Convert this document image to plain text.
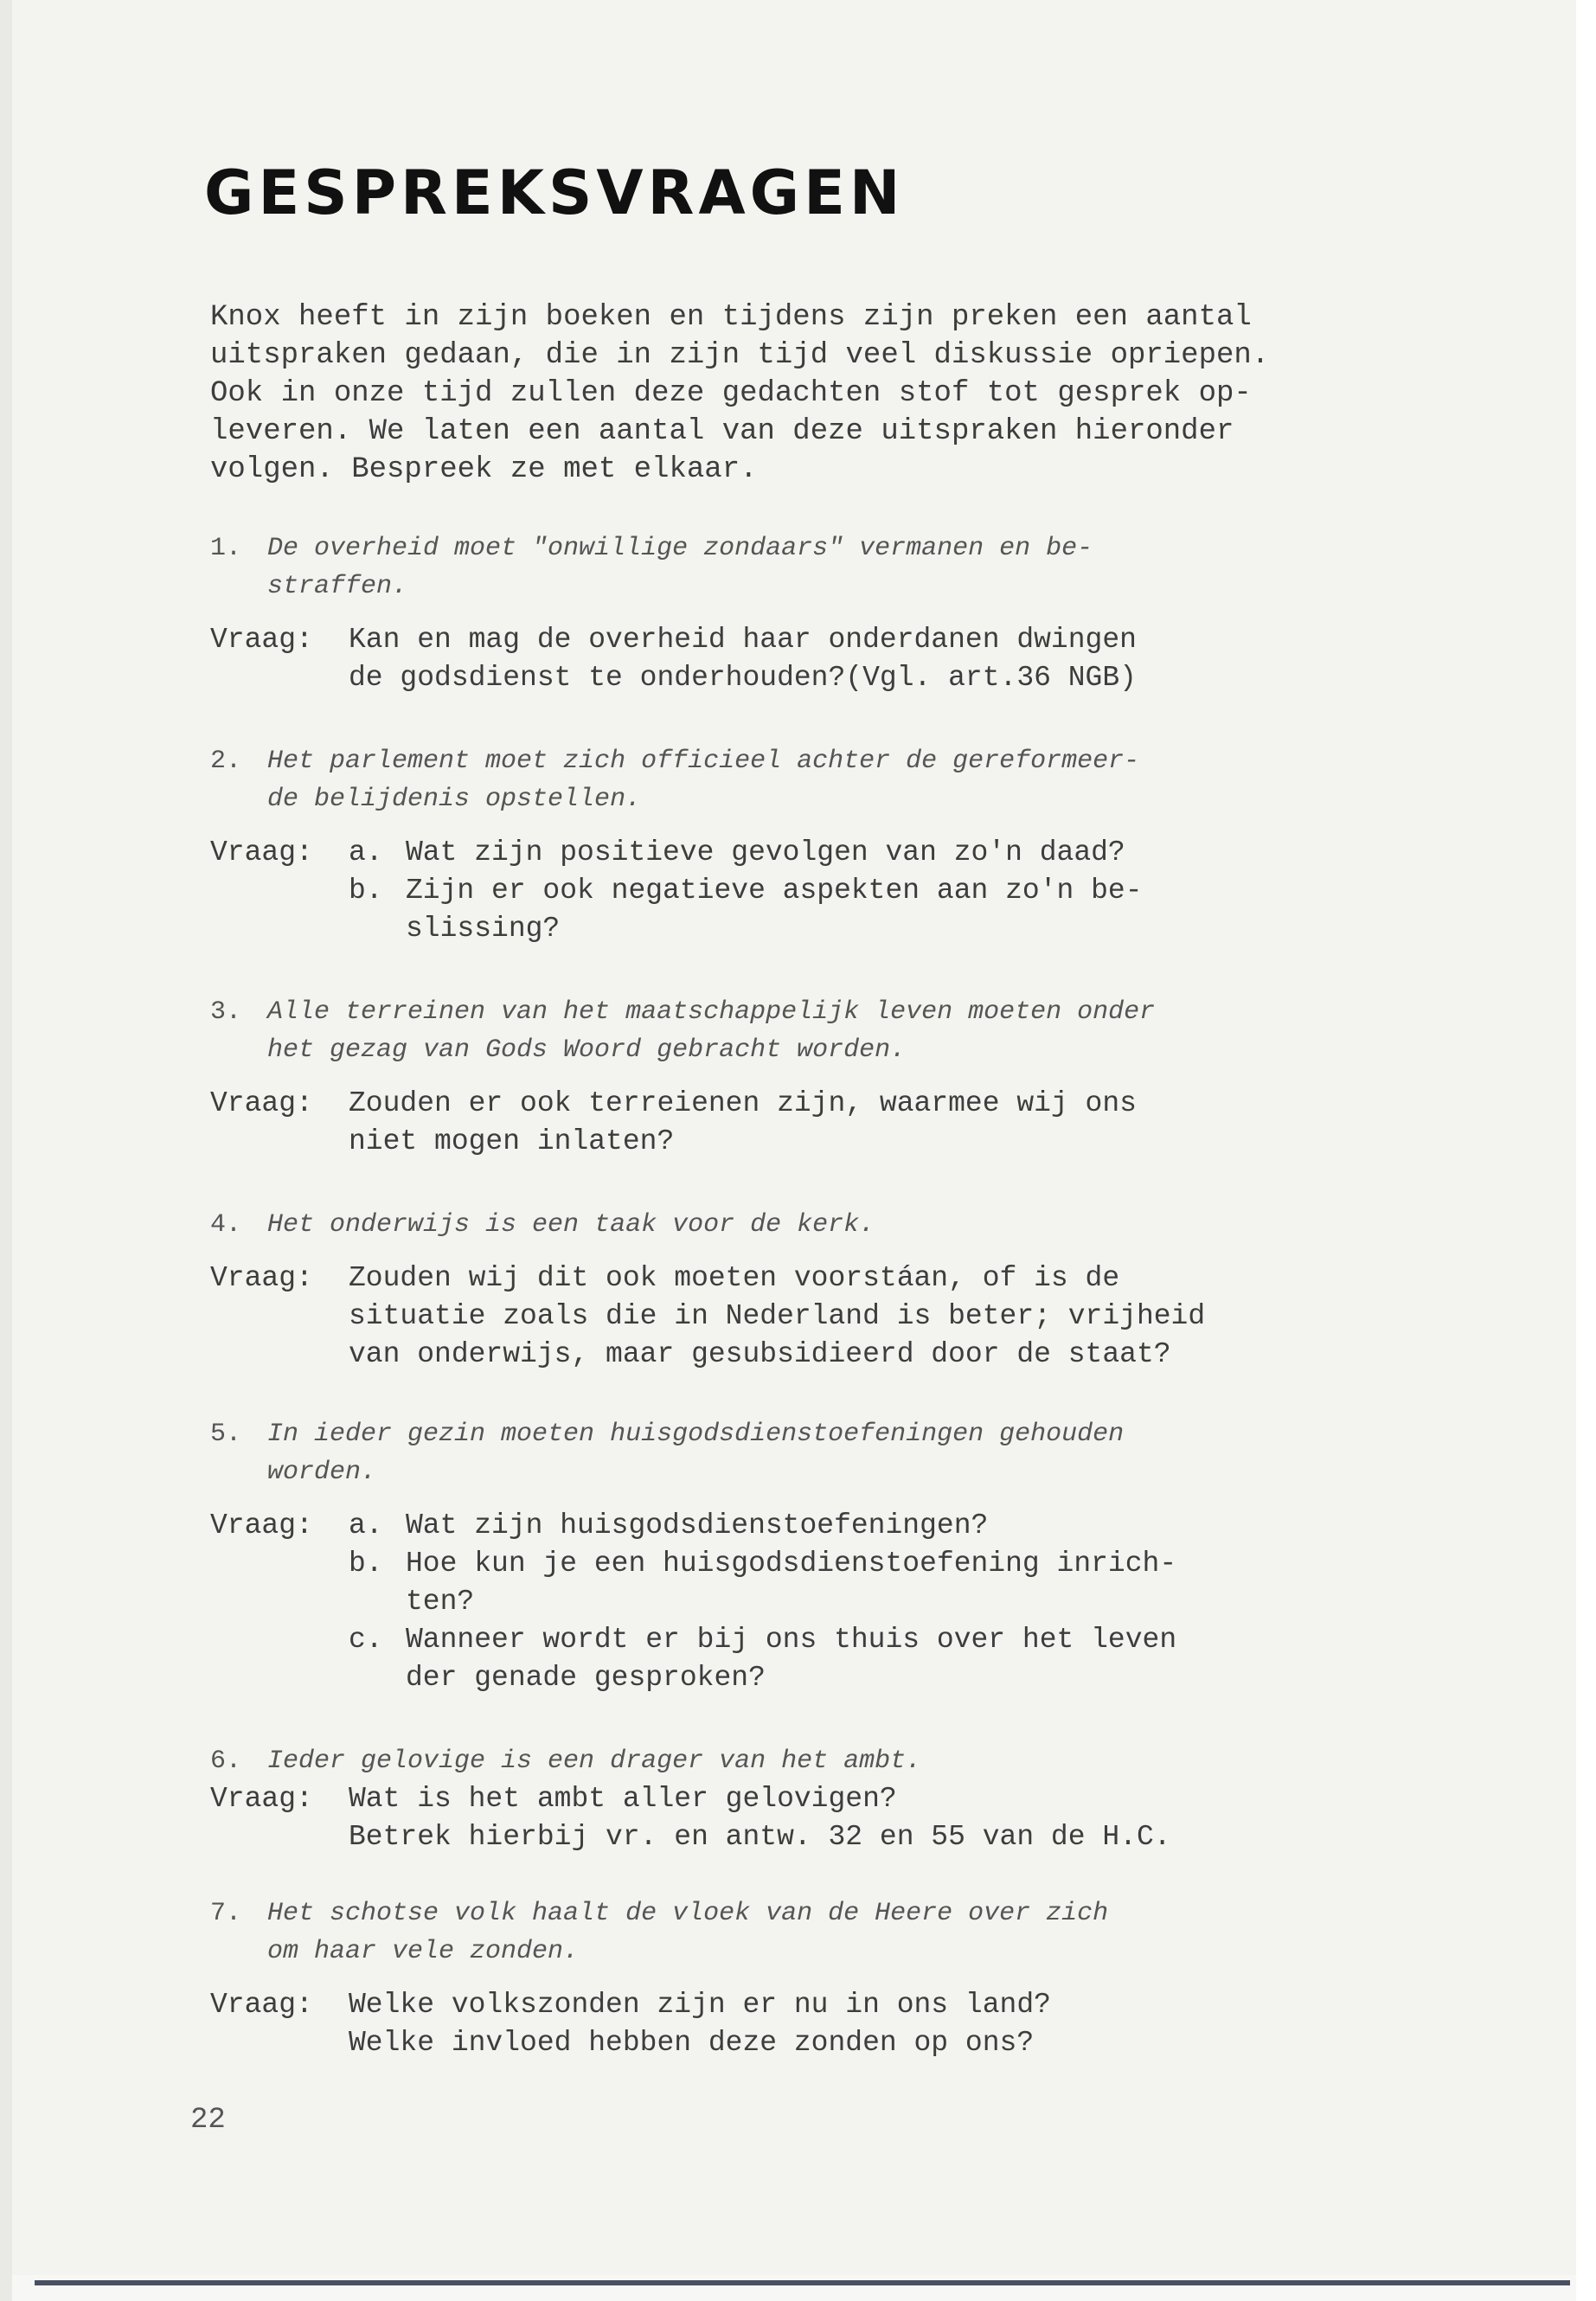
GESPREKSVRAGEN
Knox heeft in zijn boeken en tijdens zijn preken een aantal
uitspraken gedaan, die in zijn tijd veel diskussie opriepen.
Ook in onze tijd zullen deze gedachten stof tot gesprek op-
leveren. We laten een aantal van deze uitspraken hieronder
volgen. Bespreek ze met elkaar.
1. De overheid moet "onwillige zondaars" vermanen en be-
straffen.
Vraag:	Kan en mag de overheid haar onderdanen dwingen
de godsdienst te onderhouden?(Vgl. art.36 NGB)
2. Het parlement moet zich officieel achter de gereformeer-
de belijdenis opstellen.
Vraag:	a. Wat zijn positieve gevolgen van zo'n daad?
b. Zijn er ook negatieve aspekten aan zo'n be-
slissing?
3. Alle terreinen van het maatschappelijk leven moeten onder
het gezag van Gods Woord gebracht worden.
Vraag:	Zouden er ook terreienen zijn, waarmee wij ons
niet mogen inlaten?
4. Het onderwijs is een taak voor de kerk.
Vraag:	Zouden wij dit ook moeten voorstáan, of is de
situatie zoals die in Nederland is beter; vrijheid
van onderwijs, maar gesubsidieerd door de staat?
5. In ieder gezin moeten huisgodsdienstoefeningen gehouden
worden.
Vraag:	a. Wat zijn huisgodsdienstoefeningen?
b. Hoe kun je een huisgodsdienstoefening inrich-
ten?
c. Wanneer wordt er bij ons thuis over het leven
der genade gesproken?
6. Ieder gelovige is een drager van het ambt.
Vraag:	Wat is het ambt aller gelovigen?
Betrek hierbij vr. en antw. 32 en 55 van de H.C.
7. Het schotse volk haalt de vloek van de Heere over zich
om haar vele zonden.
Vraag:	Welke volkszonden zijn er nu in ons land?
Welke invloed hebben deze zonden op ons?
22
